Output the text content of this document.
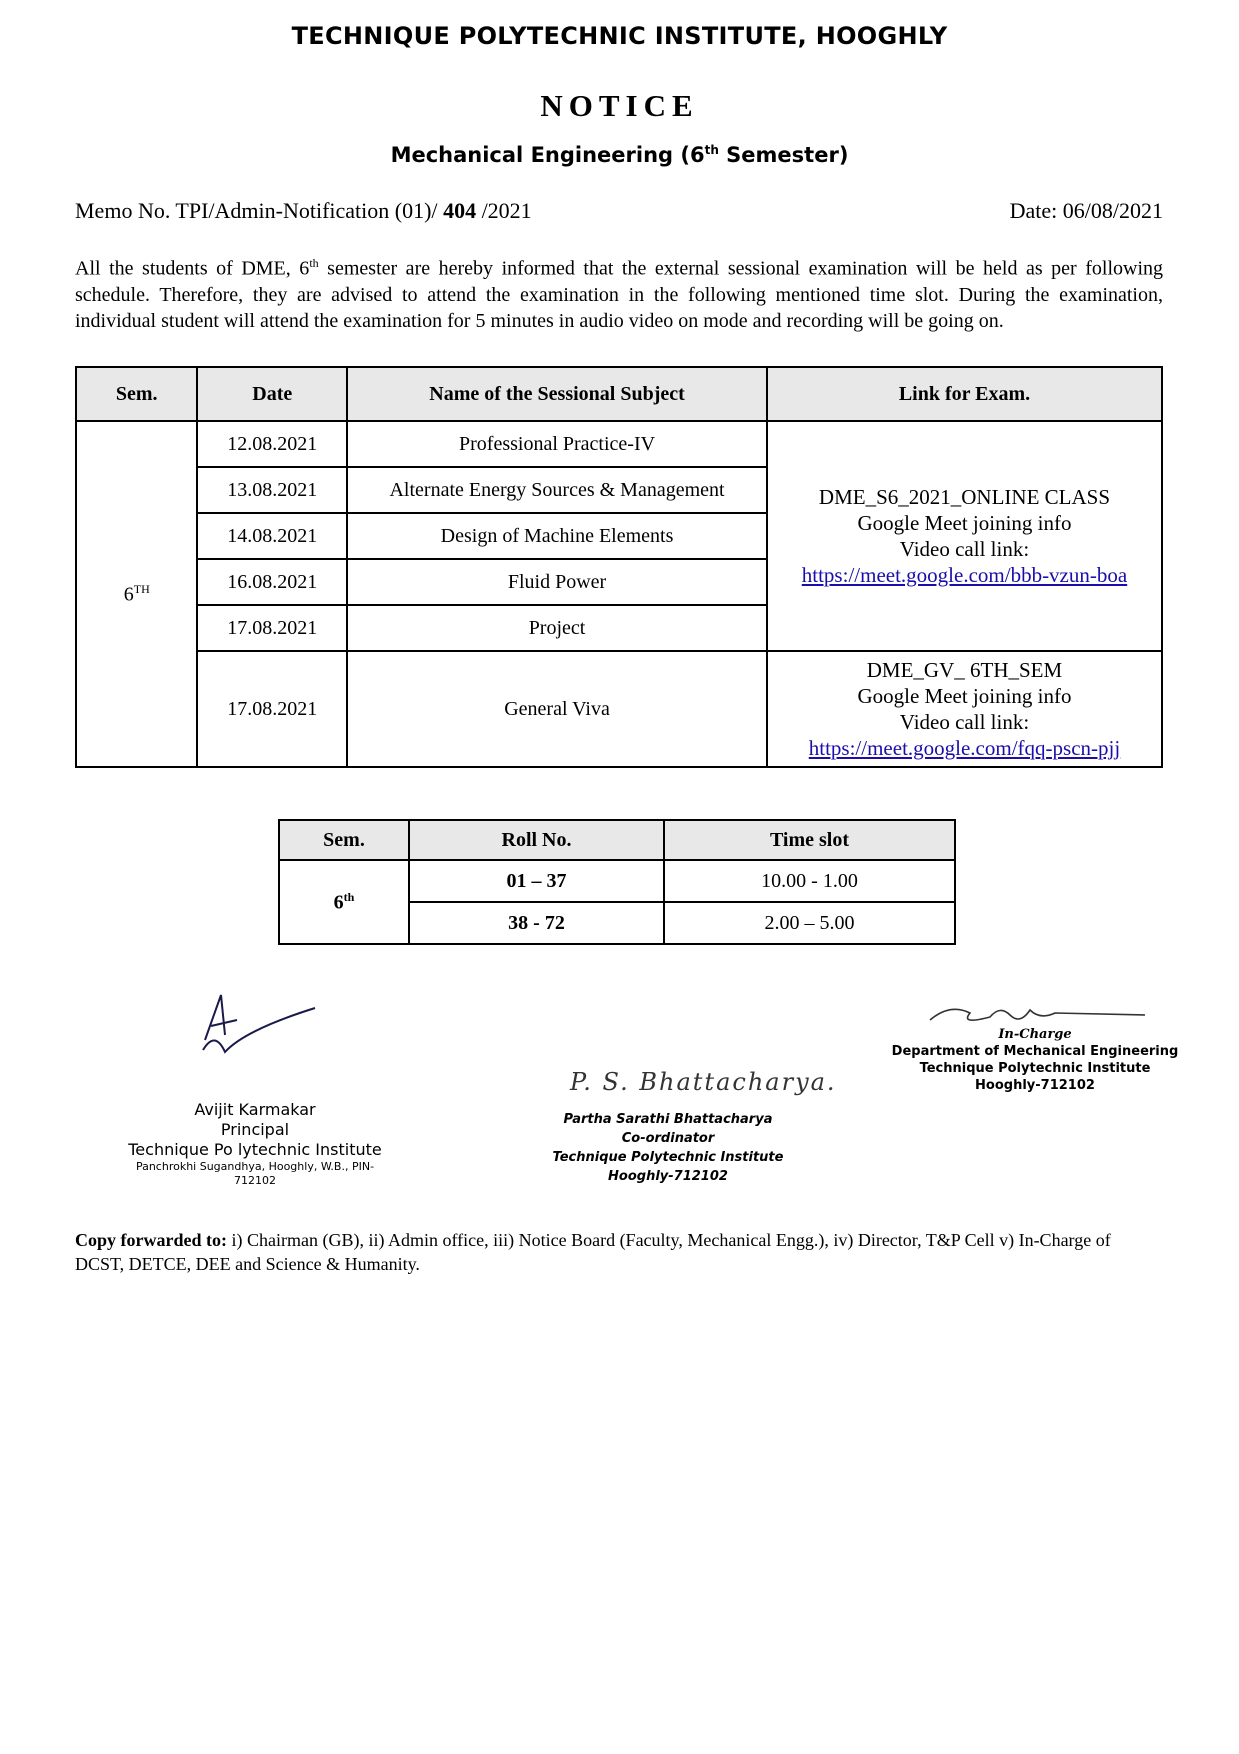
TECHNIQUE POLYTECHNIC INSTITUTE, HOOGHLY
NOTICE
Mechanical Engineering (6th Semester)
Memo No. TPI/Admin-Notification (01)/ 404 /2021	Date: 06/08/2021
All the students of DME, 6th semester are hereby informed that the external sessional examination will be held as per following schedule. Therefore, they are advised to attend the examination in the following mentioned time slot. During the examination, individual student will attend the examination for 5 minutes in audio video on mode and recording will be going on.
Sem.	Date	Name of the Sessional Subject	Link for Exam.
6TH	12.08.2021	Professional Practice-IV	DME_S6_2021_ONLINE CLASS
Google Meet joining info
Video call link:
https://meet.google.com/bbb-vzun-boa

	13.08.2021	Alternate Energy Sources & Management	
	14.08.2021	Design of Machine Elements	
	16.08.2021	Fluid Power	
	17.08.2021	Project	
	17.08.2021	General Viva	DME_GV_ 6TH_SEM
Google Meet joining info
Video call link:
https://meet.google.com/fqq-pscn-pjj
Sem.	Roll No.	Time slot
6th	01 – 37	10.00 - 1.00
	38 - 72	2.00 – 5.00
Avijit Karmakar
Principal
Technique Po lytechnic Institute
Panchrokhi Sugandhya, Hooghly, W.B., PIN-712102
P. S. Bhattacharya.
Partha Sarathi Bhattacharya
Co-ordinator
Technique Polytechnic Institute
Hooghly-712102
In-Charge
Department of Mechanical Engineering
Technique Polytechnic Institute
Hooghly-712102
Copy forwarded to: i) Chairman (GB), ii) Admin office, iii) Notice Board (Faculty, Mechanical Engg.), iv) Director, T&P Cell v) In-Charge of DCST, DETCE, DEE and Science & Humanity.
